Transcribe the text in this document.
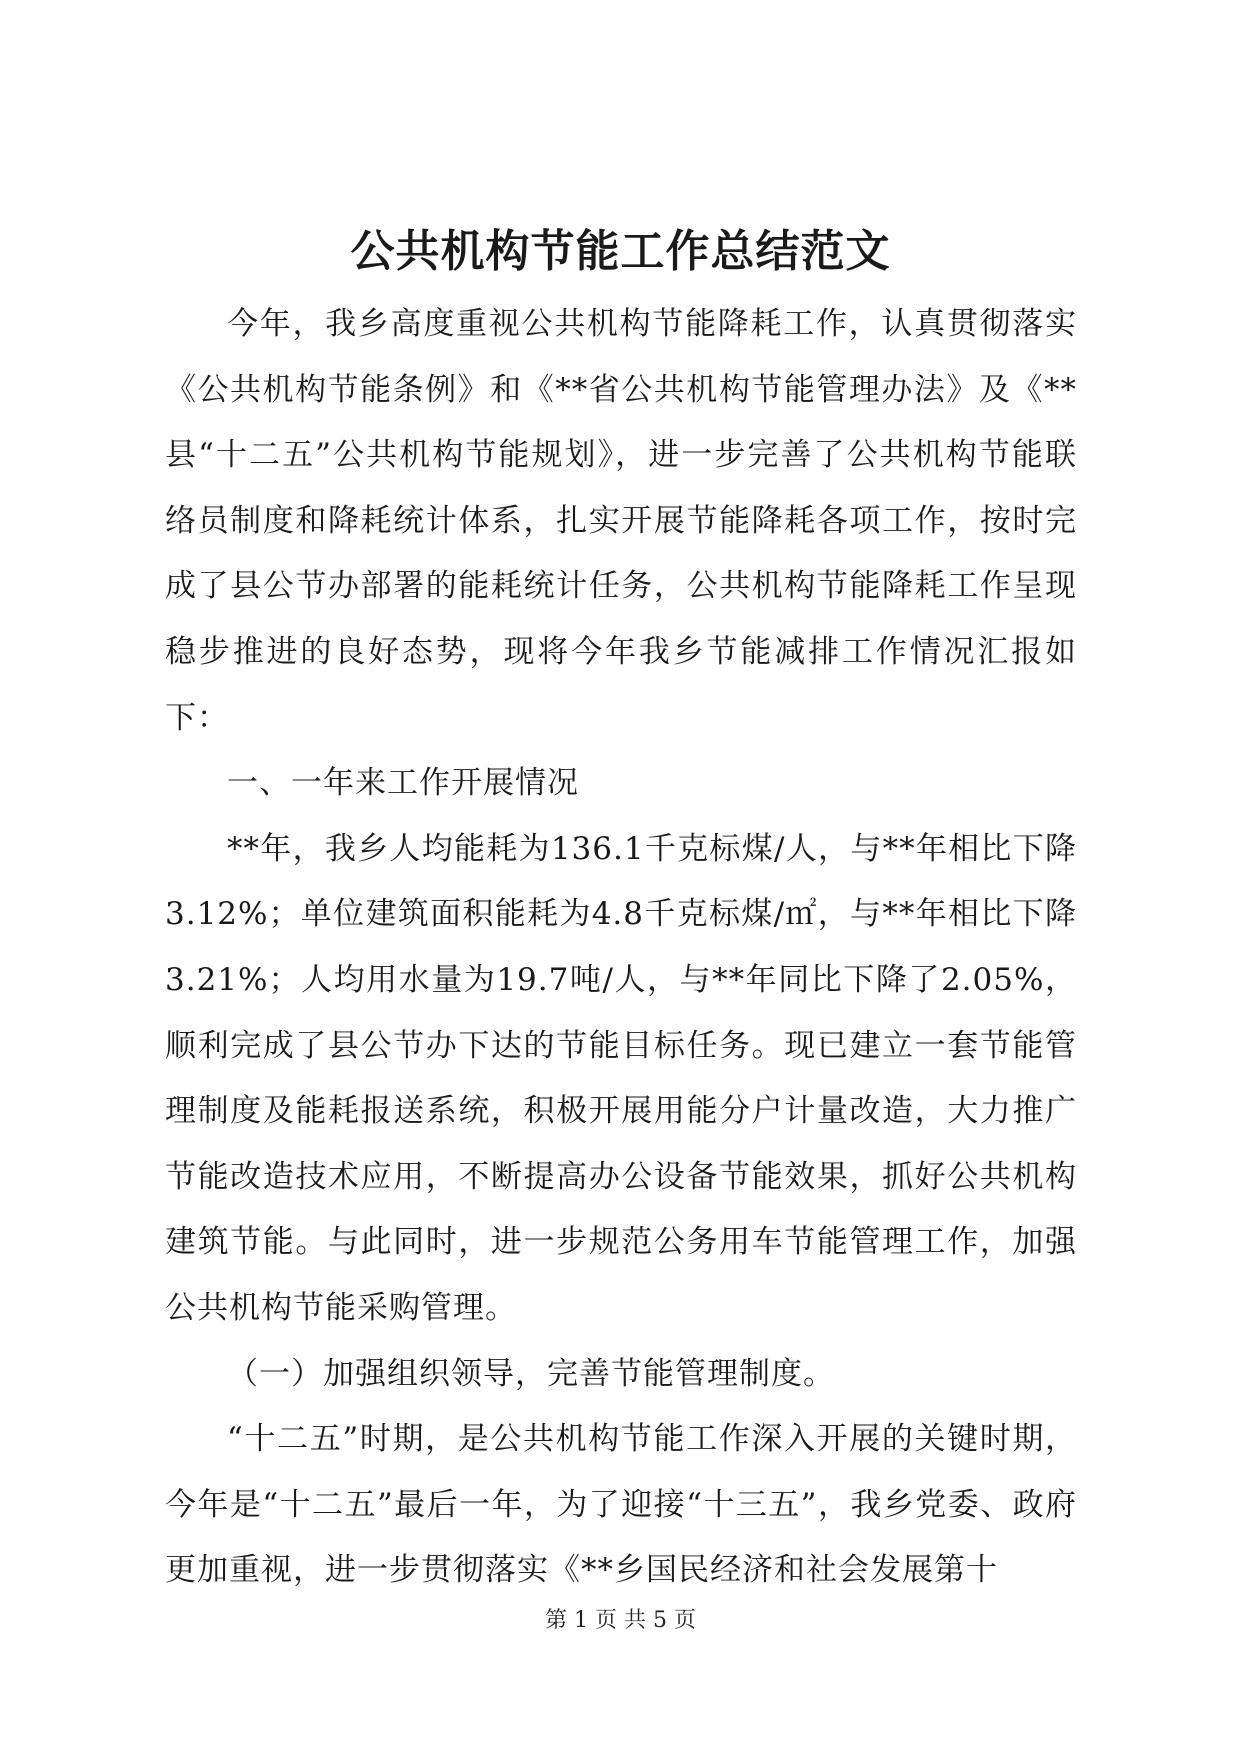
公共机构节能工作总结范文

今年，我乡高度重视公共机构节能降耗工作，认真贯彻落实《公共机构节能条例》和《**省公共机构节能管理办法》及《**县“十二五”公共机构节能规划》，进一步完善了公共机构节能联络员制度和降耗统计体系，扎实开展节能降耗各项工作，按时完成了县公节办部署的能耗统计任务，公共机构节能降耗工作呈现稳步推进的良好态势，现将今年我乡节能减排工作情况汇报如下：

一、一年来工作开展情况

**年，我乡人均能耗为136.1千克标煤/人，与**年相比下降3.12%；单位建筑面积能耗为4.8千克标煤/㎡，与**年相比下降3.21%；人均用水量为19.7吨/人，与**年同比下降了2.05%，顺利完成了县公节办下达的节能目标任务。现已建立一套节能管理制度及能耗报送系统，积极开展用能分户计量改造，大力推广节能改造技术应用，不断提高办公设备节能效果，抓好公共机构建筑节能。与此同时，进一步规范公务用车节能管理工作，加强公共机构节能采购管理。

（一）加强组织领导，完善节能管理制度。

“十二五”时期，是公共机构节能工作深入开展的关键时期，今年是“十二五”最后一年，为了迎接“十三五”，我乡党委、政府更加重视，进一步贯彻落实《**乡国民经济和社会发展第十

第 1 页 共 5 页
